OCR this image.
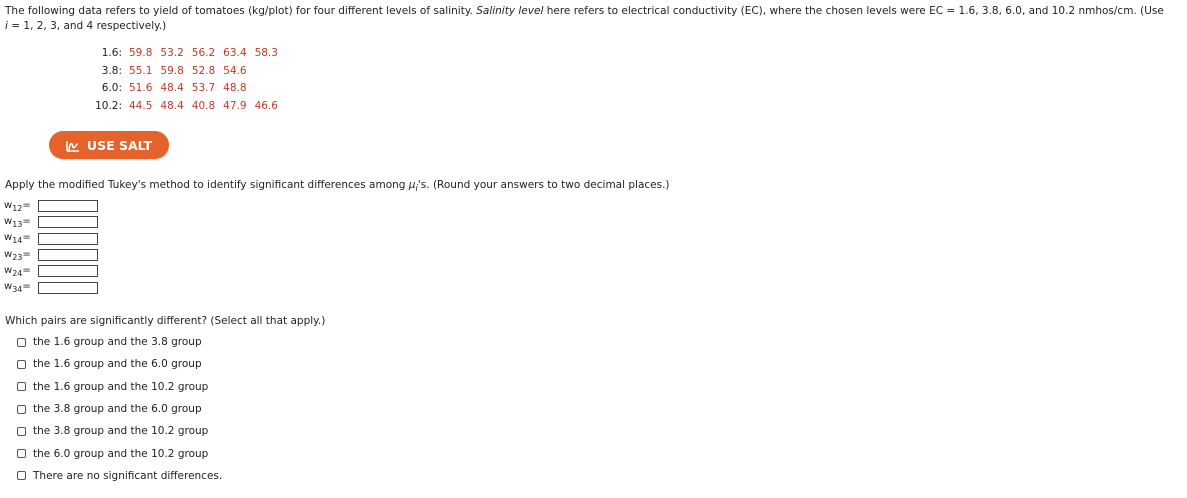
The following data refers to yield of tomatoes (kg/plot) for four different levels of salinity. Salinity level here refers to electrical conductivity (EC), where the chosen levels were EC = 1.6, 3.8, 6.0, and 10.2 nmhos/cm. (Use
i = 1, 2, 3, and 4 respectively.)
1.6:	59.8	53.2	56.2	63.4	58.3
3.8:	55.1	59.8	52.8	54.6	
6.0:	51.6	48.4	53.7	48.8	
10.2:	44.5	48.4	40.8	47.9	46.6
USE SALT
Apply the modified Tukey's method to identify significant differences among $\mu_i's$. (Round your answers to two decimal places.)
$w_{12}=$
$w_{13}=$
$w_{14}=$
$w_{23}=$
$w_{24}=$
$w_{34}=$
Which pairs are significantly different? (Select all that apply.)
the 1.6 group and the 3.8 group
the 1.6 group and the 6.0 group
the 1.6 group and the 10.2 group
the 3.8 group and the 6.0 group
the 3.8 group and the 10.2 group
the 6.0 group and the 10.2 group
There are no significant differences.
